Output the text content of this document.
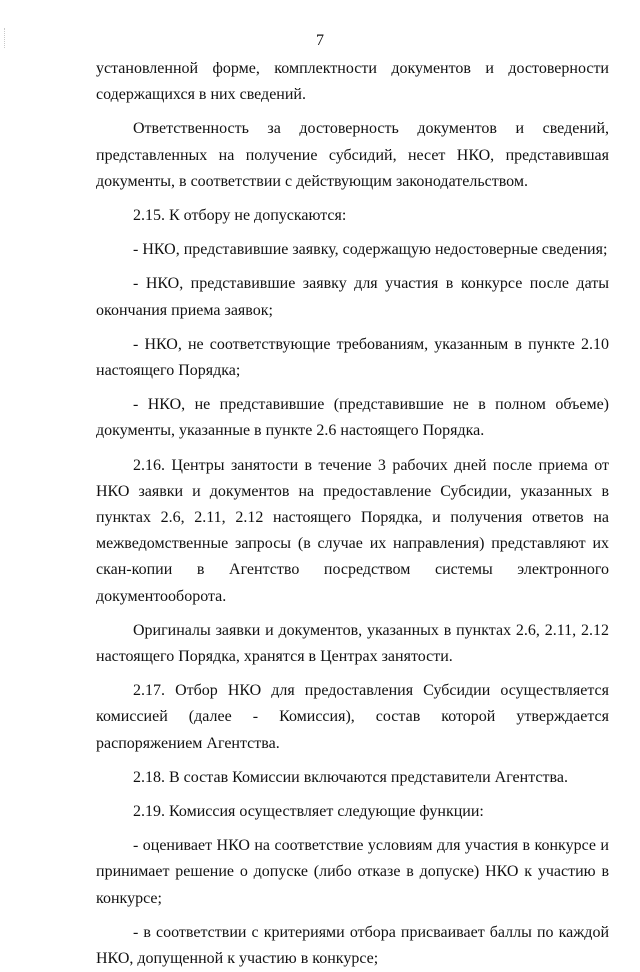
7

установленной форме, комплектности документов и достоверности содержащихся в них сведений.

Ответственность за достоверность документов и сведений, представленных на получение субсидий, несет НКО, представившая документы, в соответствии с действующим законодательством.

2.15. К отбору не допускаются:

- НКО, представившие заявку, содержащую недостоверные сведения;

- НКО, представившие заявку для участия в конкурсе после даты окончания приема заявок;

- НКО, не соответствующие требованиям, указанным в пункте 2.10 настоящего Порядка;

- НКО, не представившие (представившие не в полном объеме) документы, указанные в пункте 2.6 настоящего Порядка.

2.16. Центры занятости в течение 3 рабочих дней после приема от НКО заявки и документов на предоставление Субсидии, указанных в пунктах 2.6, 2.11, 2.12 настоящего Порядка, и получения ответов на межведомственные запросы (в случае их направления) представляют их скан-копии в Агентство посредством системы электронного документооборота.

Оригиналы заявки и документов, указанных в пунктах 2.6, 2.11, 2.12 настоящего Порядка, хранятся в Центрах занятости.

2.17. Отбор НКО для предоставления Субсидии осуществляется комиссией (далее - Комиссия), состав которой утверждается распоряжением Агентства.

2.18. В состав Комиссии включаются представители Агентства.

2.19. Комиссия осуществляет следующие функции:

- оценивает НКО на соответствие условиям для участия в конкурсе и принимает решение о допуске (либо отказе в допуске) НКО к участию в конкурсе;

- в соответствии с критериями отбора присваивает баллы по каждой НКО, допущенной к участию в конкурсе;
